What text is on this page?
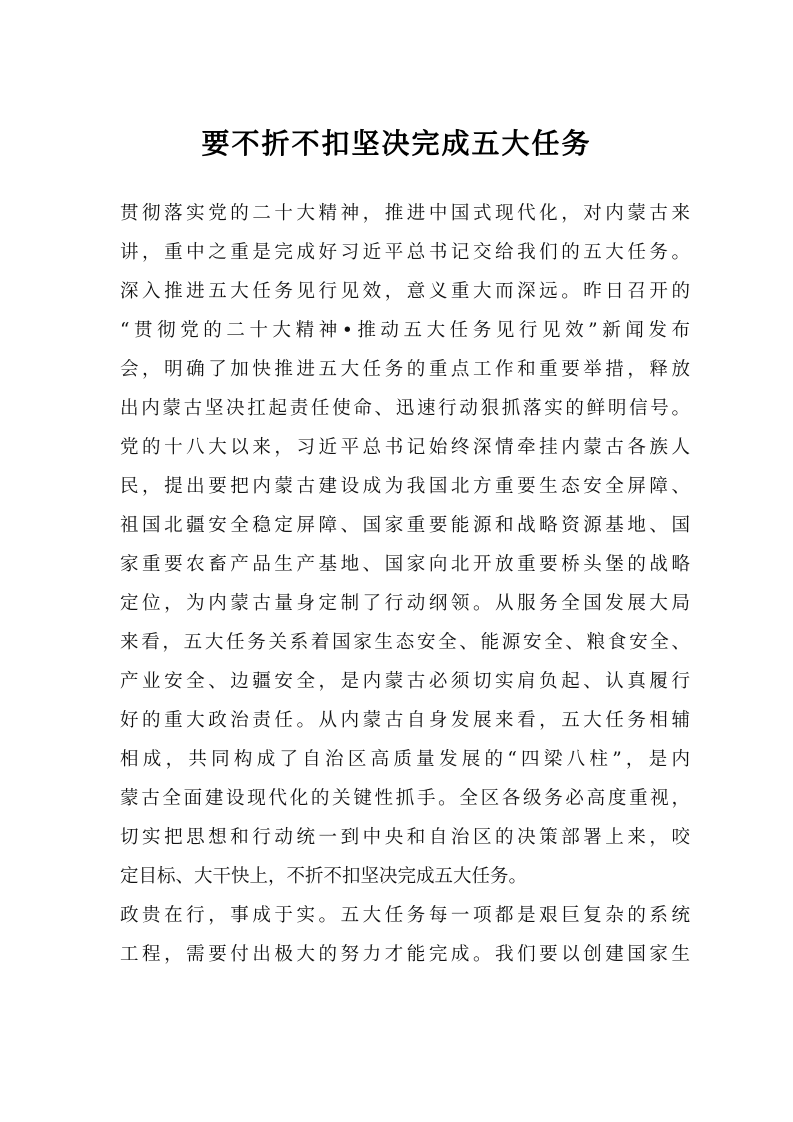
要不折不扣坚决完成五大任务
贯彻落实党的二十大精神，推进中国式现代化，对内蒙古来
讲，重中之重是完成好习近平总书记交给我们的五大任务。
深入推进五大任务见行见效，意义重大而深远。昨日召开的
“贯彻党的二十大精神•推动五大任务见行见效”新闻发布
会，明确了加快推进五大任务的重点工作和重要举措，释放
出内蒙古坚决扛起责任使命、迅速行动狠抓落实的鲜明信号。
党的十八大以来，习近平总书记始终深情牵挂内蒙古各族人
民，提出要把内蒙古建设成为我国北方重要生态安全屏障、
祖国北疆安全稳定屏障、国家重要能源和战略资源基地、国
家重要农畜产品生产基地、国家向北开放重要桥头堡的战略
定位，为内蒙古量身定制了行动纲领。从服务全国发展大局
来看，五大任务关系着国家生态安全、能源安全、粮食安全、
产业安全、边疆安全，是内蒙古必须切实肩负起、认真履行
好的重大政治责任。从内蒙古自身发展来看，五大任务相辅
相成，共同构成了自治区高质量发展的“四梁八柱”，是内
蒙古全面建设现代化的关键性抓手。全区各级务必高度重视，
切实把思想和行动统一到中央和自治区的决策部署上来，咬
定目标、大干快上，不折不扣坚决完成五大任务。
政贵在行，事成于实。五大任务每一项都是艰巨复杂的系统
工程，需要付出极大的努力才能完成。我们要以创建国家生
